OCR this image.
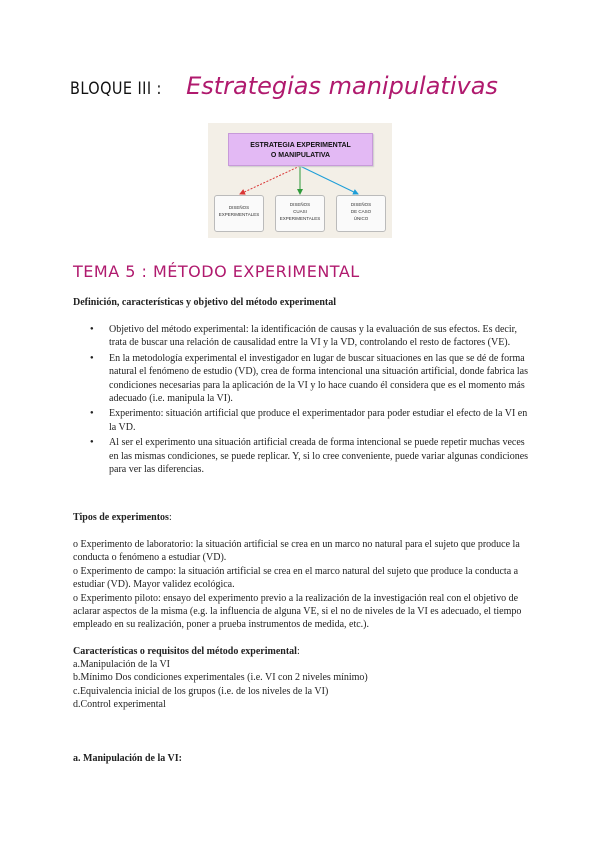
BLOQUE III : Estrategias manipulativas
ESTRATEGIA EXPERIMENTAL
O MANIPULATIVA
DISEÑOS
EXPERIMENTALES
DISEÑOS
CUASI
EXPERIMENTALES
DISEÑOS
DE CASO
ÚNICO
TEMA 5 : MÉTODO EXPERIMENTAL
Definición, características y objetivo del método experimental
● Objetivo del método experimental: la identificación de causas y la evaluación de sus efectos. Es decir, trata de buscar una relación de causalidad entre la VI y la VD, controlando el resto de factores (VE).
● En la metodología experimental el investigador en lugar de buscar situaciones en las que se dé de forma natural el fenómeno de estudio (VD), crea de forma intencional una situación artificial, donde fabrica las condiciones necesarias para la aplicación de la VI y lo hace cuando él considera que es el momento más adecuado (i.e. manipula la VI).
● Experimento: situación artificial que produce el experimentador para poder estudiar el efecto de la VI en la VD.
● Al ser el experimento una situación artificial creada de forma intencional se puede repetir muchas veces en las mismas condiciones, se puede replicar. Y, si lo cree conveniente, puede variar algunas condiciones para ver las diferencias.
Tipos de experimentos:
o Experimento de laboratorio: la situación artificial se crea en un marco no natural para el sujeto que produce la conducta o fenómeno a estudiar (VD).
o Experimento de campo: la situación artificial se crea en el marco natural del sujeto que produce la conducta a estudiar (VD). Mayor validez ecológica.
o Experimento piloto: ensayo del experimento previo a la realización de la investigación real con el objetivo de aclarar aspectos de la misma (e.g. la influencia de alguna VE, si el no de niveles de la VI es adecuado, el tiempo empleado en su realización, poner a prueba instrumentos de medida, etc.).
Características o requisitos del método experimental:
a.Manipulación de la VI
b.Mínimo Dos condiciones experimentales (i.e. VI con 2 niveles mínimo)
c.Equivalencia inicial de los grupos (i.e. de los niveles de la VI)
d.Control experimental
a. Manipulación de la VI:
